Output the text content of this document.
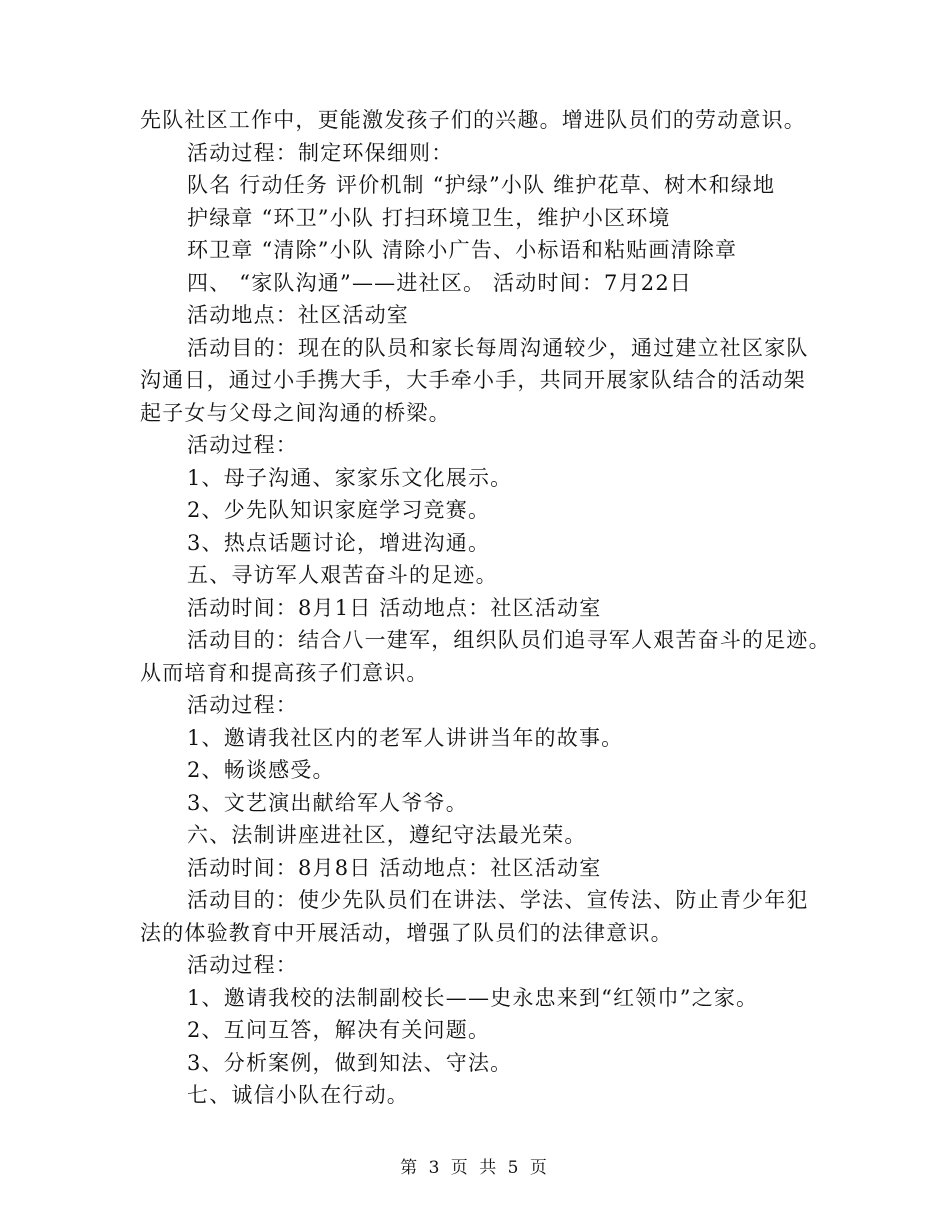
先队社区工作中，更能激发孩子们的兴趣。增进队员们的劳动意识。
活动过程：制定环保细则：
队名 行动任务 评价机制 “护绿”小队 维护花草、树木和绿地
护绿章 “环卫”小队 打扫环境卫生，维护小区环境
环卫章 “清除”小队 清除小广告、小标语和粘贴画清除章
四、 “家队沟通”——进社区。 活动时间：7月22日
活动地点：社区活动室
活动目的：现在的队员和家长每周沟通较少，通过建立社区家队
沟通日，通过小手携大手，大手牵小手，共同开展家队结合的活动架
起子女与父母之间沟通的桥梁。
活动过程：
1、母子沟通、家家乐文化展示。
2、少先队知识家庭学习竞赛。
3、热点话题讨论，增进沟通。
五、寻访军人艰苦奋斗的足迹。
活动时间：8月1日 活动地点：社区活动室
活动目的：结合八一建军，组织队员们追寻军人艰苦奋斗的足迹。
从而培育和提高孩子们意识。
活动过程：
1、邀请我社区内的老军人讲讲当年的故事。
2、畅谈感受。
3、文艺演出献给军人爷爷。
六、法制讲座进社区，遵纪守法最光荣。
活动时间：8月8日 活动地点：社区活动室
活动目的：使少先队员们在讲法、学法、宣传法、防止青少年犯
法的体验教育中开展活动，增强了队员们的法律意识。
活动过程：
1、邀请我校的法制副校长——史永忠来到“红领巾”之家。
2、互问互答，解决有关问题。
3、分析案例，做到知法、守法。
七、诚信小队在行动。
第 3 页 共 5 页
